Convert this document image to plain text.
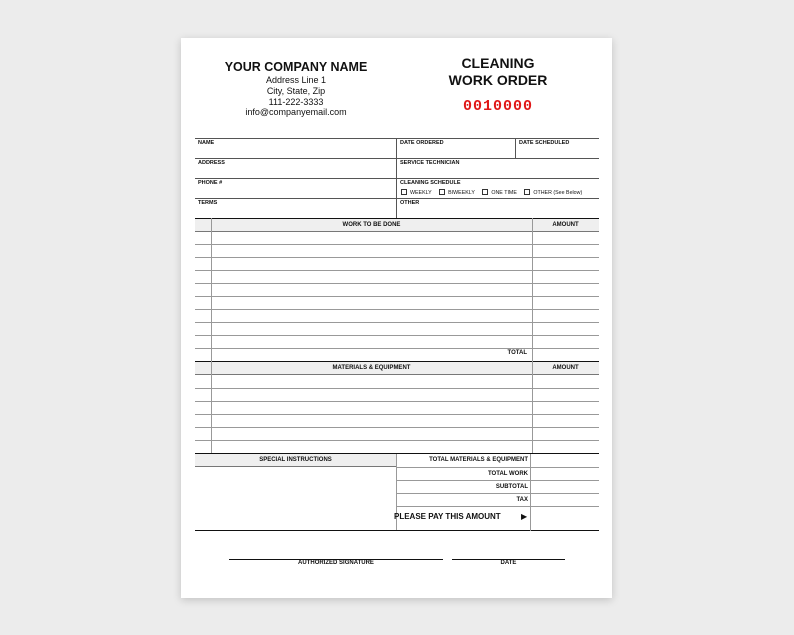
YOUR COMPANY NAME
Address Line 1
City, State, Zip
111-222-3333
info@companyemail.com
CLEANING
WORK ORDER
0010000
NAME	DATE ORDERED	DATE SCHEDULED
ADDRESS	SERVICE TECHNICIAN
PHONE #	CLEANING SCHEDULE
WEEKLY	BIWEEKLY	ONE TIME	OTHER (See Below)
TERMS	OTHER
WORK TO BE DONE	AMOUNT
TOTAL
MATERIALS & EQUIPMENT	AMOUNT
SPECIAL INSTRUCTIONS	TOTAL MATERIALS & EQUIPMENT
TOTAL WORK
SUBTOTAL
TAX
PLEASE PAY THIS AMOUNT	▶
AUTHORIZED SIGNATURE	DATE
